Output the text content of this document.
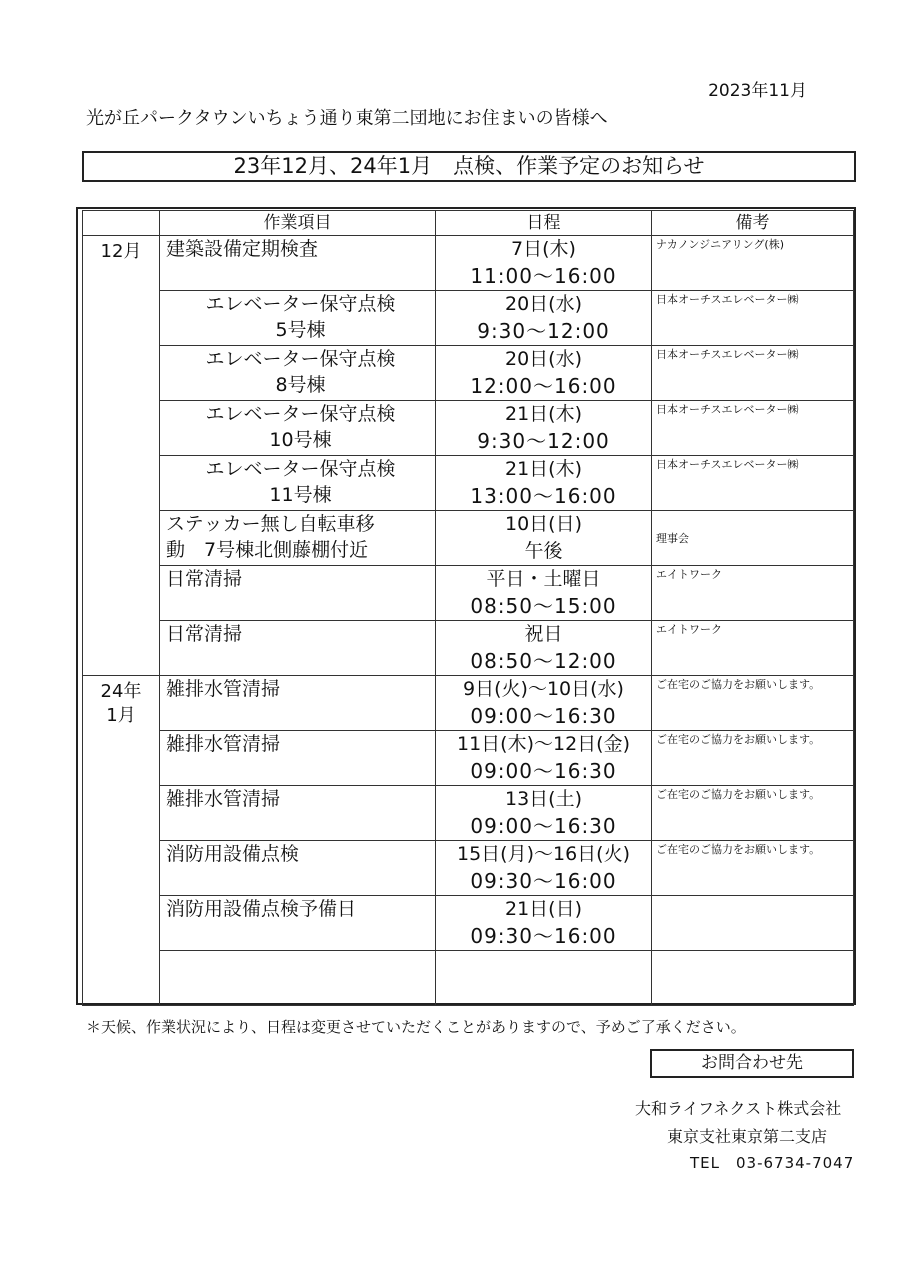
2023年11月
光が丘パークタウンいちょう通り東第二団地にお住まいの皆様へ
23年12月、24年1月　点検、作業予定のお知らせ
	作業項目	日程	備考
12月	建築設備定期検査	7日(木)
11:00～16:00	ナカノンジニアリング(株)

	エレベーター保守点検
5号棟	20日(水)
9:30～12:00	日本オーチスエレベーター㈱

	エレベーター保守点検
8号棟	20日(水)
12:00～16:00	日本オーチスエレベーター㈱

	エレベーター保守点検
10号棟	21日(木)
9:30～12:00	日本オーチスエレベーター㈱

	エレベーター保守点検
11号棟	21日(木)
13:00～16:00	日本オーチスエレベーター㈱

	ステッカー無し自転車移
動　7号棟北側藤棚付近	10日(日)
午後	理事会

	日常清掃	平日・土曜日
08:50～15:00	エイトワーク

	日常清掃	祝日
08:50～12:00	エイトワーク
24年
1月	雑排水管清掃	9日(火)～10日(水)
09:00～16:30	ご在宅のご協力をお願いします。

	雑排水管清掃	11日(木)～12日(金)
09:00～16:30	ご在宅のご協力をお願いします。

	雑排水管清掃	13日(土)
09:00～16:30	ご在宅のご協力をお願いします。

	消防用設備点検	15日(月)～16日(火)
09:30～16:00	ご在宅のご協力をお願いします。

	消防用設備点検予備日	21日(日)
09:30～16:00	

＊天候、作業状況により、日程は変更させていただくことがありますので、予めご了承ください。
お問合わせ先
大和ライフネクスト株式会社
東京支社東京第二支店
TEL　03-6734-7047
